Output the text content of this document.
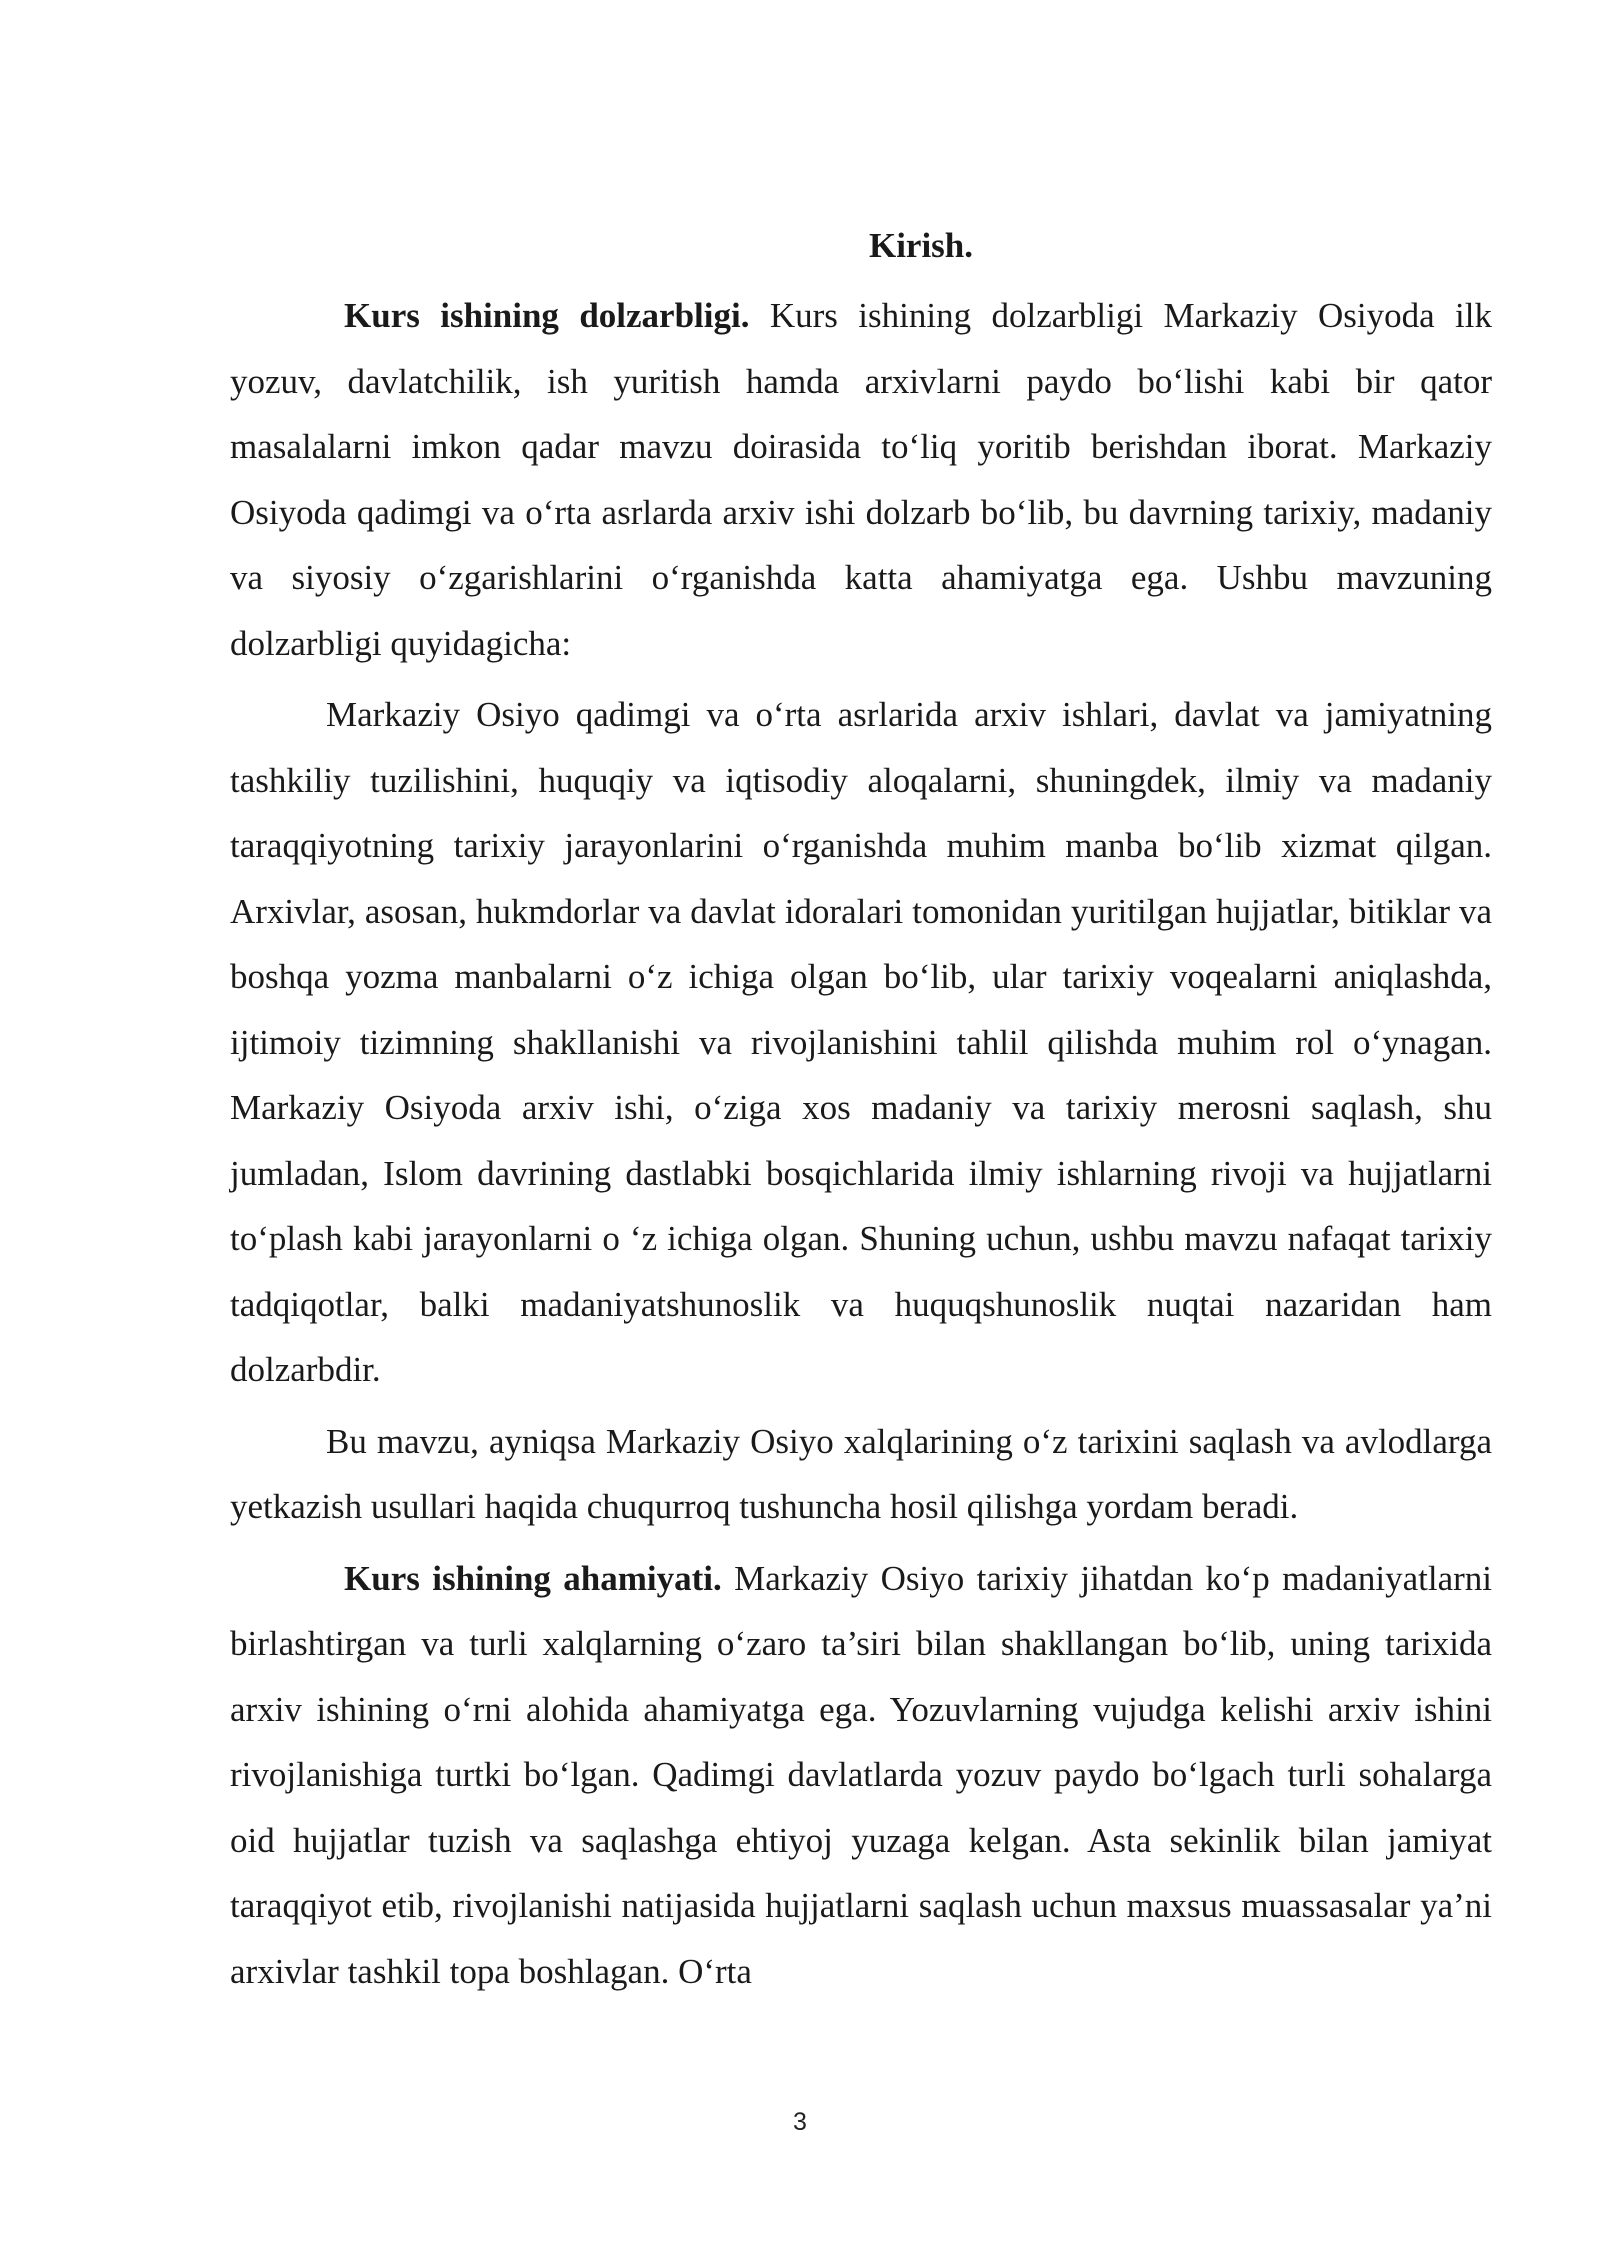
Kirish.

Kurs ishining dolzarbligi. Kurs ishining dolzarbligi Markaziy Osiyoda ilk yozuv, davlatchilik, ish yuritish hamda arxivlarni paydo bo‘lishi kabi bir qator masalalarni imkon qadar mavzu doirasida to‘liq yoritib berishdan iborat. Markaziy Osiyoda qadimgi va o‘rta asrlarda arxiv ishi dolzarb bo‘lib, bu davrning tarixiy, madaniy va siyosiy o‘zgarishlarini o‘rganishda katta ahamiyatga ega. Ushbu mavzuning dolzarbligi quyidagicha:

Markaziy Osiyo qadimgi va o‘rta asrlarida arxiv ishlari, davlat va jamiyatning tashkiliy tuzilishini, huquqiy va iqtisodiy aloqalarni, shuningdek, ilmiy va madaniy taraqqiyotning tarixiy jarayonlarini o‘rganishda muhim manba bo‘lib xizmat qilgan. Arxivlar, asosan, hukmdorlar va davlat idoralari tomonidan yuritilgan hujjatlar, bitiklar va boshqa yozma manbalarni o‘z ichiga olgan bo‘lib, ular tarixiy voqealarni aniqlashda, ijtimoiy tizimning shakllanishi va rivojlanishini tahlil qilishda muhim rol o‘ynagan. Markaziy Osiyoda arxiv ishi, o‘ziga xos madaniy va tarixiy merosni saqlash, shu jumladan, Islom davrining dastlabki bosqichlarida ilmiy ishlarning rivoji va hujjatlarni to‘plash kabi jarayonlarni o ‘z ichiga olgan. Shuning uchun, ushbu mavzu nafaqat tarixiy tadqiqotlar, balki madaniyatshunoslik va huquqshunoslik nuqtai nazaridan ham dolzarbdir.

Bu mavzu, ayniqsa Markaziy Osiyo xalqlarining o‘z tarixini saqlash va avlodlarga yetkazish usullari haqida chuqurroq tushuncha hosil qilishga yordam beradi.

Kurs ishining ahamiyati. Markaziy Osiyo tarixiy jihatdan ko‘p madaniyatlarni birlashtirgan va turli xalqlarning o‘zaro ta’siri bilan shakllangan bo‘lib, uning tarixida arxiv ishining o‘rni alohida ahamiyatga ega. Yozuvlarning vujudga kelishi arxiv ishini rivojlanishiga turtki bo‘lgan. Qadimgi davlatlarda yozuv paydo bo‘lgach turli sohalarga oid hujjatlar tuzish va saqlashga ehtiyoj yuzaga kelgan. Asta sekinlik bilan jamiyat taraqqiyot etib, rivojlanishi natijasida hujjatlarni saqlash uchun maxsus muassasalar ya’ni arxivlar tashkil topa boshlagan. O‘rta

3
